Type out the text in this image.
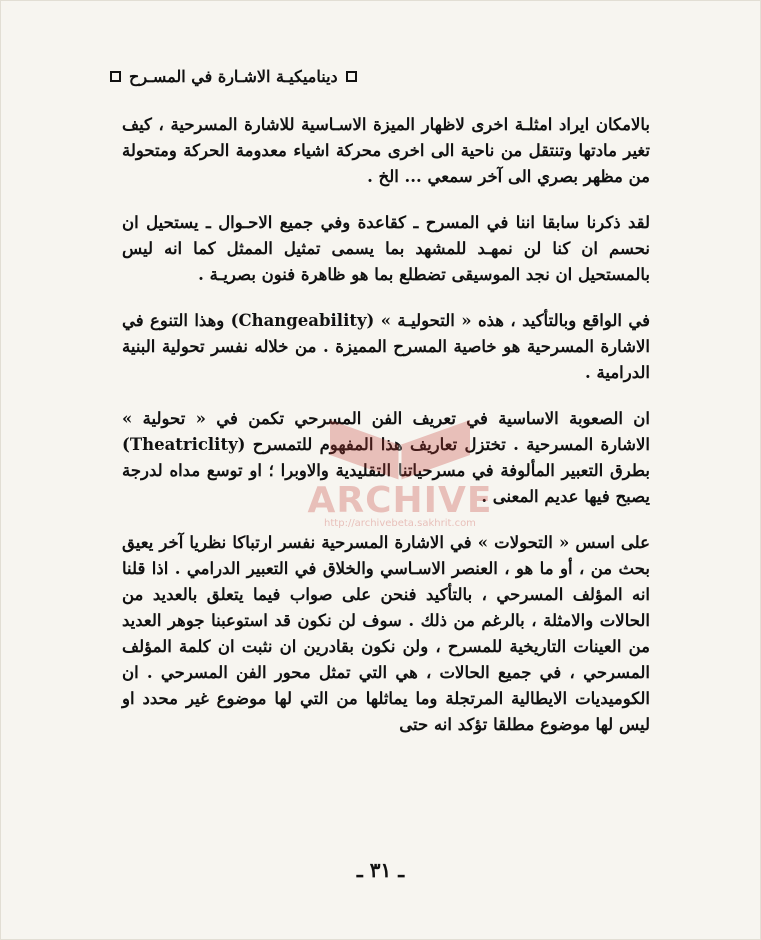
ديناميكيـة الاشـارة في المسـرح

بالامكان ايراد امثلـة اخرى لاظهار الميزة الاسـاسية للاشارة المسرحية ، كيف تغير مادتها وتنتقل من ناحية الى اخرى محركة اشياء معدومة الحركة ومتحولة من مظهر بصري الى آخر سمعي ... الخ .

لقد ذكرنا سابقا اننا في المسرح ـ كقاعدة وفي جميع الاحـوال ـ يستحيل ان نحسم ان كنا لن نمهـد للمشهد بما يسمى تمثيل الممثل كما انه ليس بالمستحيل ان نجد الموسيقى تضطلع بما هو ظاهرة فنون بصريـة .

في الواقع وبالتأكيد ، هذه « التحوليـة » (Changeability) وهذا التنوع في الاشارة المسرحية هو خاصية المسرح المميزة . من خلاله نفسر تحولية البنية الدرامية .

ان الصعوبة الاساسية في تعريف الفن المسرحي تكمن في « تحولية » الاشارة المسرحية . تختزل تعاريف هذا المفهوم للتمسرح (Theatriclity) بطرق التعبير المألوفة في مسرحياتنا التقليدية والاوبرا ؛ او توسع مداه لدرجة يصبح فيها عديم المعنى .

على اسس « التحولات » في الاشارة المسرحية نفسر ارتباكا نظريا آخر يعيق بحث من ، أو ما هو ، العنصر الاسـاسي والخلاق في التعبير الدرامي . اذا قلنا انه المؤلف المسرحي ، بالتأكيد فنحن على صواب فيما يتعلق بالعديد من الحالات والامثلة ، بالرغم من ذلك . سوف لن نكون قد استوعبنا جوهر العديد من العينات التاريخية للمسرح ، ولن نكون بقادرين ان نثبت ان كلمة المؤلف المسرحي ، في جميع الحالات ، هي التي تمثل محور الفن المسرحي . ان الكوميديات الايطالية المرتجلة وما يماثلها من التي لها موضوع غير محدد او ليس لها موضوع مطلقا تؤكد انه حتى

ARCHIVE
http://archivebeta.sakhrit.com
ـ ٣١ ـ
